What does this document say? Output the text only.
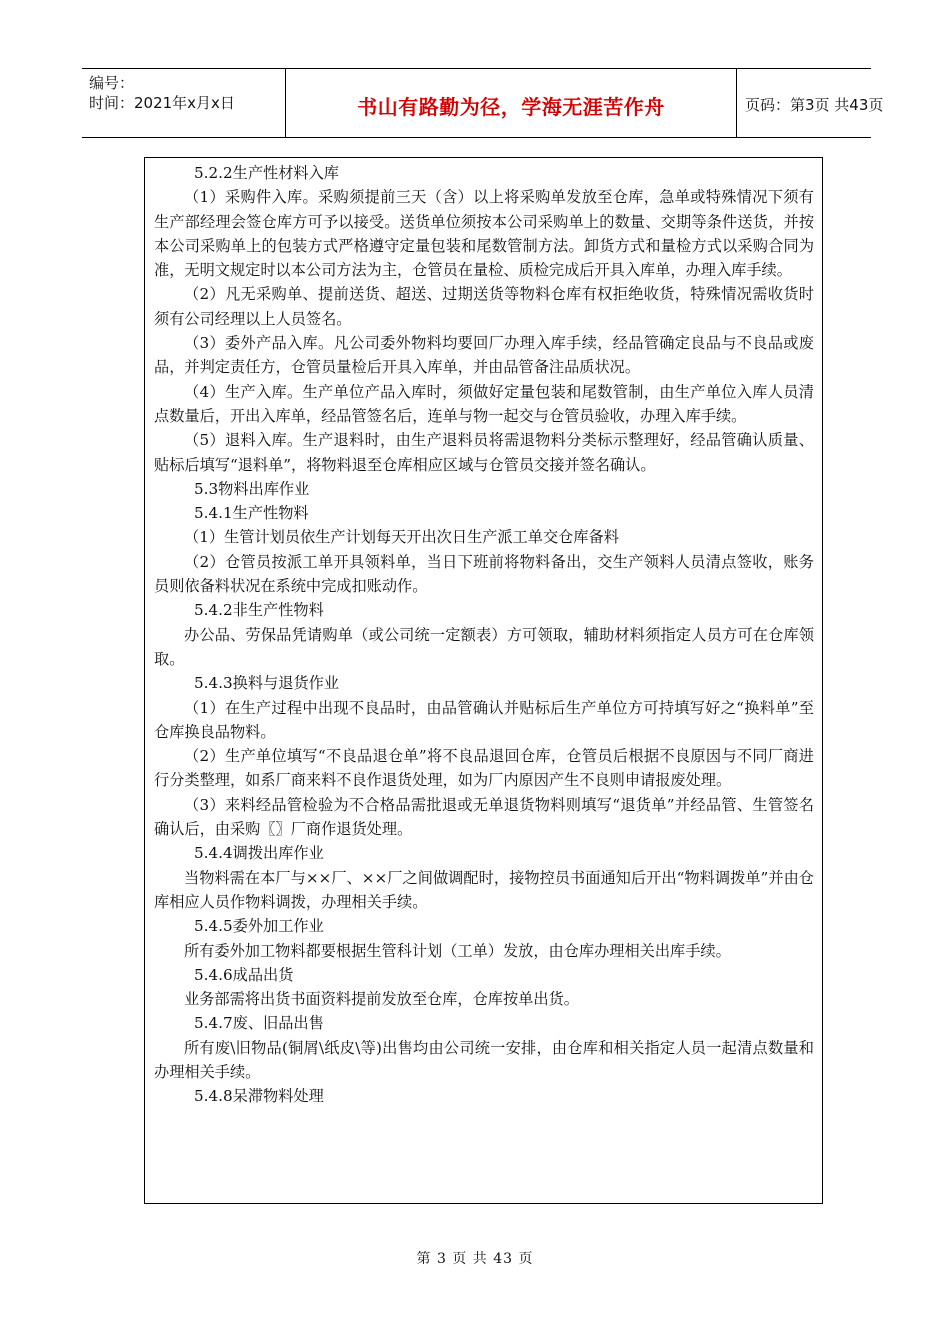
编号：
时间：2021年x月x日	书山有路勤为径，学海无涯苦作舟	页码：第3页 共43页

5.2.2生产性材料入库

（1）采购件入库。采购须提前三天（含）以上将采购单发放至仓库，急单或特殊情况下须有生产部经理会签仓库方可予以接受。送货单位须按本公司采购单上的数量、交期等条件送货，并按本公司采购单上的包装方式严格遵守定量包装和尾数管制方法。卸货方式和量检方式以采购合同为准，无明文规定时以本公司方法为主，仓管员在量检、质检完成后开具入库单，办理入库手续。

（2）凡无采购单、提前送货、超送、过期送货等物料仓库有权拒绝收货，特殊情况需收货时须有公司经理以上人员签名。

（3）委外产品入库。凡公司委外物料均要回厂办理入库手续，经品管确定良品与不良品或废品，并判定责任方，仓管员量检后开具入库单，并由品管备注品质状况。

（4）生产入库。生产单位产品入库时，须做好定量包装和尾数管制，由生产单位入库人员清点数量后，开出入库单，经品管签名后，连单与物一起交与仓管员验收，办理入库手续。

（5）退料入库。生产退料时，由生产退料员将需退物料分类标示整理好，经品管确认质量、贴标后填写“退料单”，将物料退至仓库相应区域与仓管员交接并签名确认。

5.3物料出库作业

5.4.1生产性物料

（1）生管计划员依生产计划每天开出次日生产派工单交仓库备料

（2）仓管员按派工单开具领料单，当日下班前将物料备出，交生产领料人员清点签收，账务员则依备料状况在系统中完成扣账动作。

5.4.2非生产性物料

办公品、劳保品凭请购单（或公司统一定额表）方可领取，辅助材料须指定人员方可在仓库领取。

5.4.3换料与退货作业

（1）在生产过程中出现不良品时，由品管确认并贴标后生产单位方可持填写好之“换料单”至仓库换良品物料。

（2）生产单位填写“不良品退仓单”将不良品退回仓库，仓管员后根据不良原因与不同厂商进行分类整理，如系厂商来料不良作退货处理，如为厂内原因产生不良则申请报废处理。

（3）来料经品管检验为不合格品需批退或无单退货物料则填写“退货单”并经品管、生管签名确认后，由采购〖〗厂商作退货处理。

5.4.4调拨出库作业

当物料需在本厂与××厂、××厂之间做调配时，接物控员书面通知后开出“物料调拨单”并由仓库相应人员作物料调拨，办理相关手续。

5.4.5委外加工作业

所有委外加工物料都要根据生管科计划（工单）发放，由仓库办理相关出库手续。

5.4.6成品出货

业务部需将出货书面资料提前发放至仓库，仓库按单出货。

5.4.7废、旧品出售

所有废\旧物品(铜屑\纸皮\等)出售均由公司统一安排，由仓库和相关指定人员一起清点数量和办理相关手续。

5.4.8呆滞物料处理

第 3 页 共 43 页
